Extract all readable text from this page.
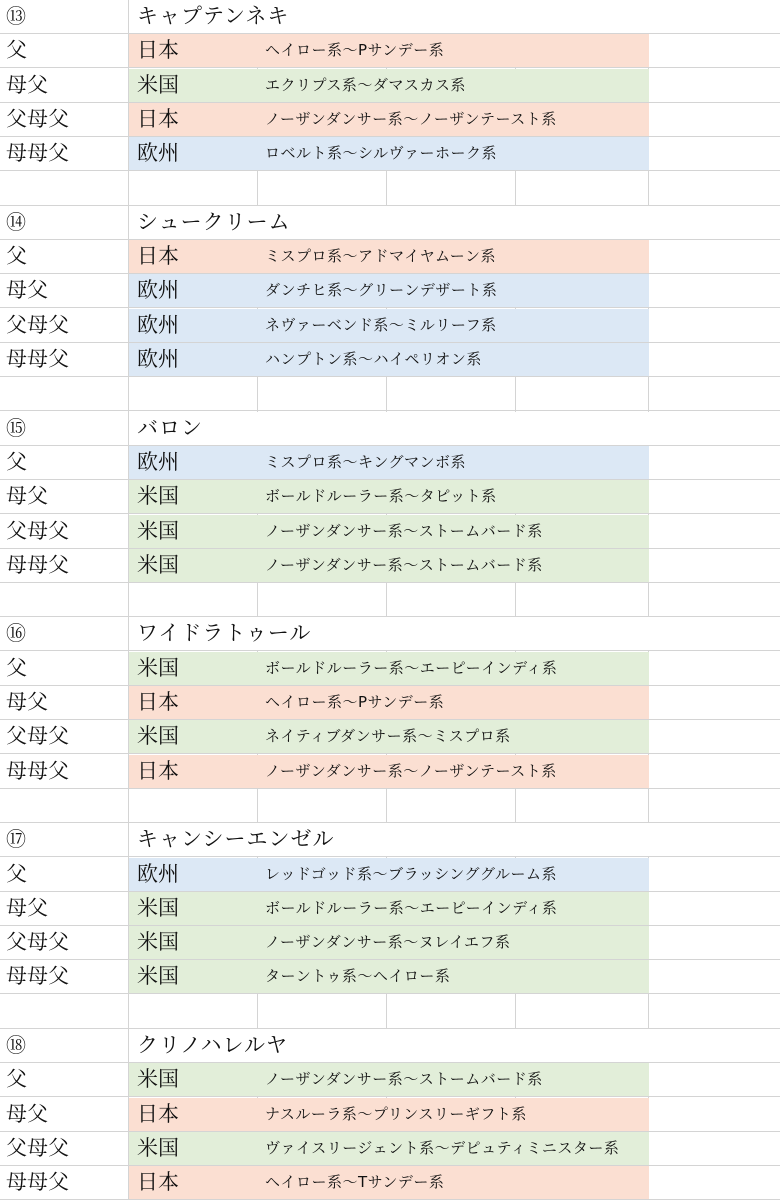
⑬	キャプテンネキ
父	日本	ヘイロー系～Pサンデー系
母父	米国	エクリプス系～ダマスカス系
父母父	日本	ノーザンダンサー系～ノーザンテースト系
母母父	欧州	ロベルト系～シルヴァーホーク系
⑭	シュークリーム
父	日本	ミスプロ系～アドマイヤムーン系
母父	欧州	ダンチヒ系～グリーンデザート系
父母父	欧州	ネヴァーベンド系～ミルリーフ系
母母父	欧州	ハンプトン系～ハイペリオン系
⑮	バロン
父	欧州	ミスプロ系～キングマンボ系
母父	米国	ボールドルーラー系～タピット系
父母父	米国	ノーザンダンサー系～ストームバード系
母母父	米国	ノーザンダンサー系～ストームバード系
⑯	ワイドラトゥール
父	米国	ボールドルーラー系～エーピーインディ系
母父	日本	ヘイロー系～Pサンデー系
父母父	米国	ネイティブダンサー系～ミスプロ系
母母父	日本	ノーザンダンサー系～ノーザンテースト系
⑰	キャンシーエンゼル
父	欧州	レッドゴッド系～ブラッシンググルーム系
母父	米国	ボールドルーラー系～エーピーインディ系
父母父	米国	ノーザンダンサー系～ヌレイエフ系
母母父	米国	ターントゥ系～ヘイロー系
⑱	クリノハレルヤ
父	米国	ノーザンダンサー系～ストームバード系
母父	日本	ナスルーラ系～プリンスリーギフト系
父母父	米国	ヴァイスリージェント系～デピュティミニスター系
母母父	日本	ヘイロー系～Tサンデー系
